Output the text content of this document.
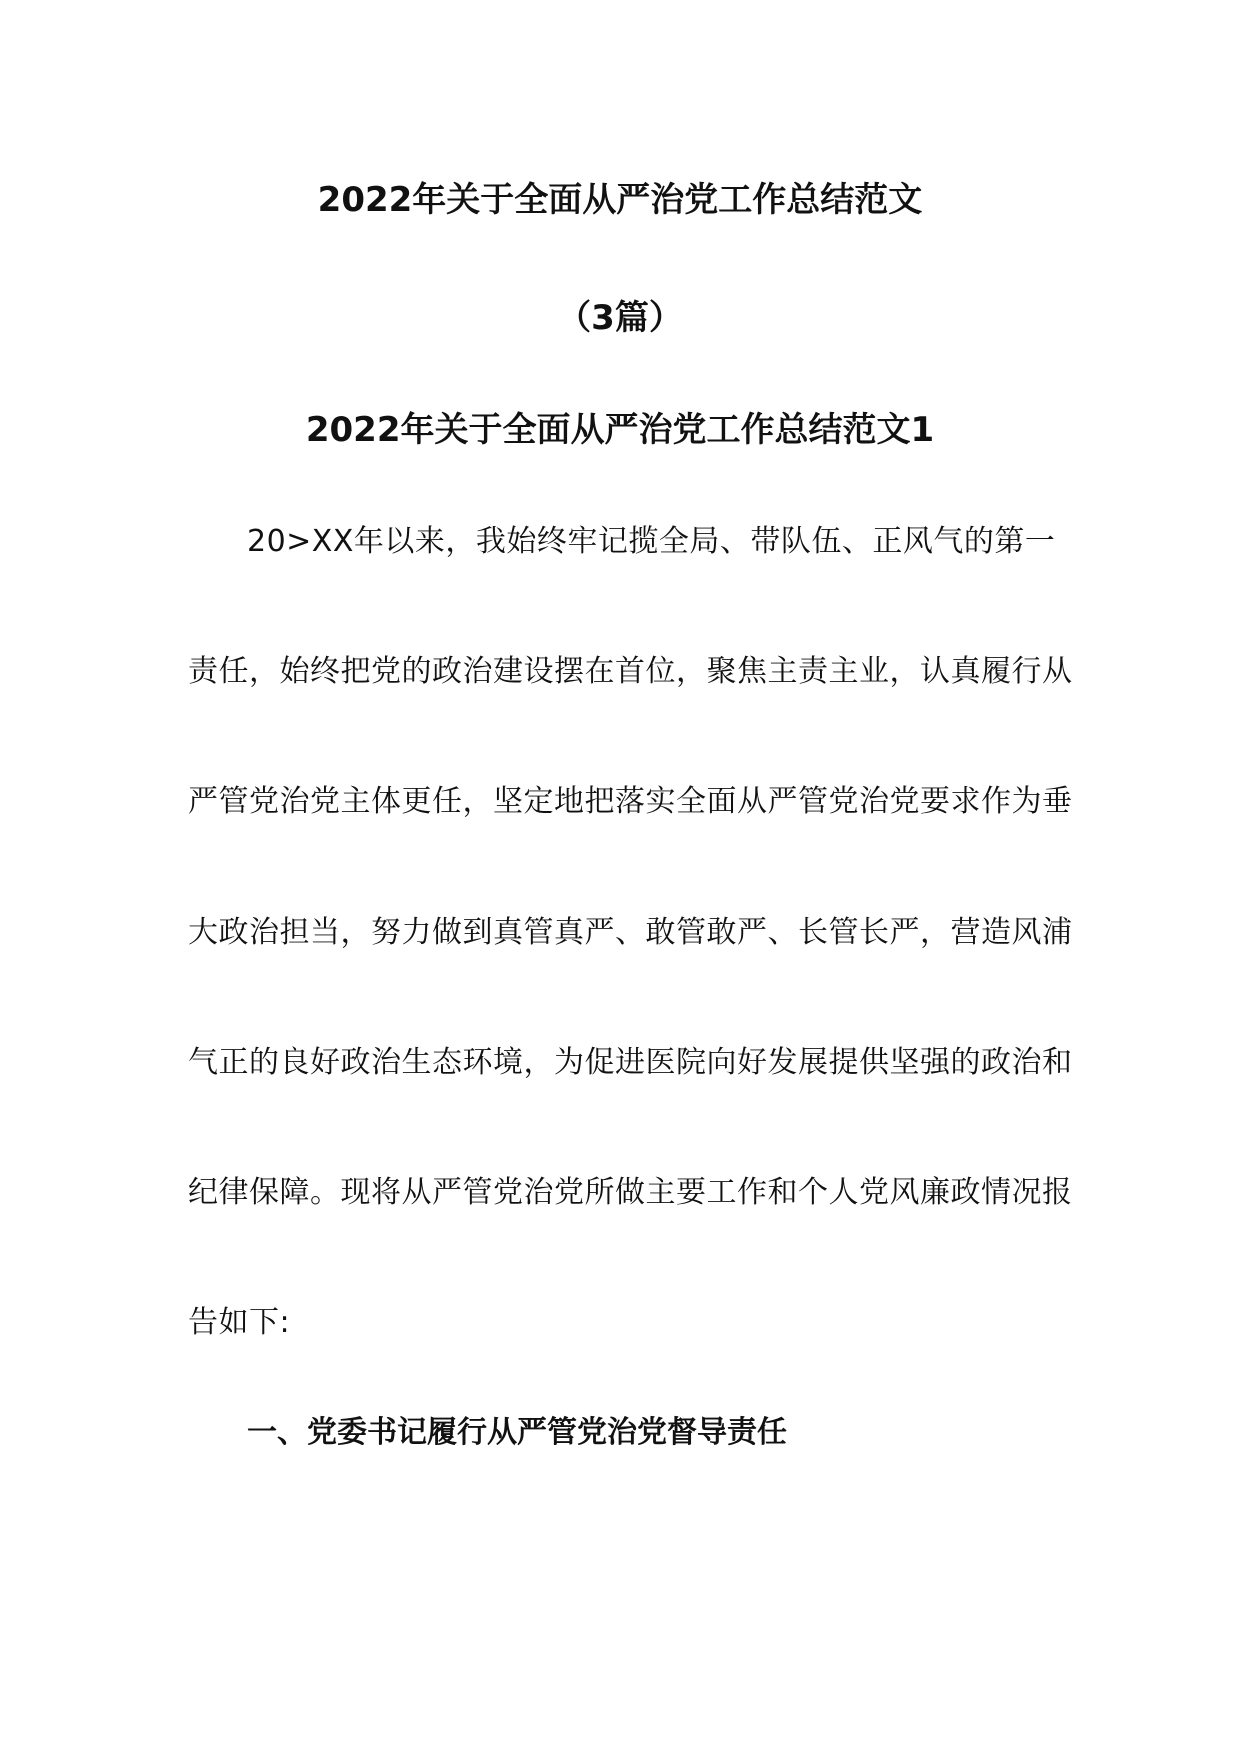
2022年关于全面从严治党工作总结范文
（3篇）
2022年关于全面从严治党工作总结范文1
20>XX年以来，我始终牢记揽全局、带队伍、正风气的第一
责任，始终把党的政治建设摆在首位，聚焦主责主业，认真履行从
严管党治党主体更任，坚定地把落实全面从严管党治党要求作为垂
大政治担当，努力做到真管真严、敢管敢严、长管长严，营造风浦
气正的良好政治生态环境，为促进医院向好发展提供坚强的政治和
纪律保障。现将从严管党治党所做主要工作和个人党风廉政情况报
告如下:
一、党委书记履行从严管党治党督导责任
